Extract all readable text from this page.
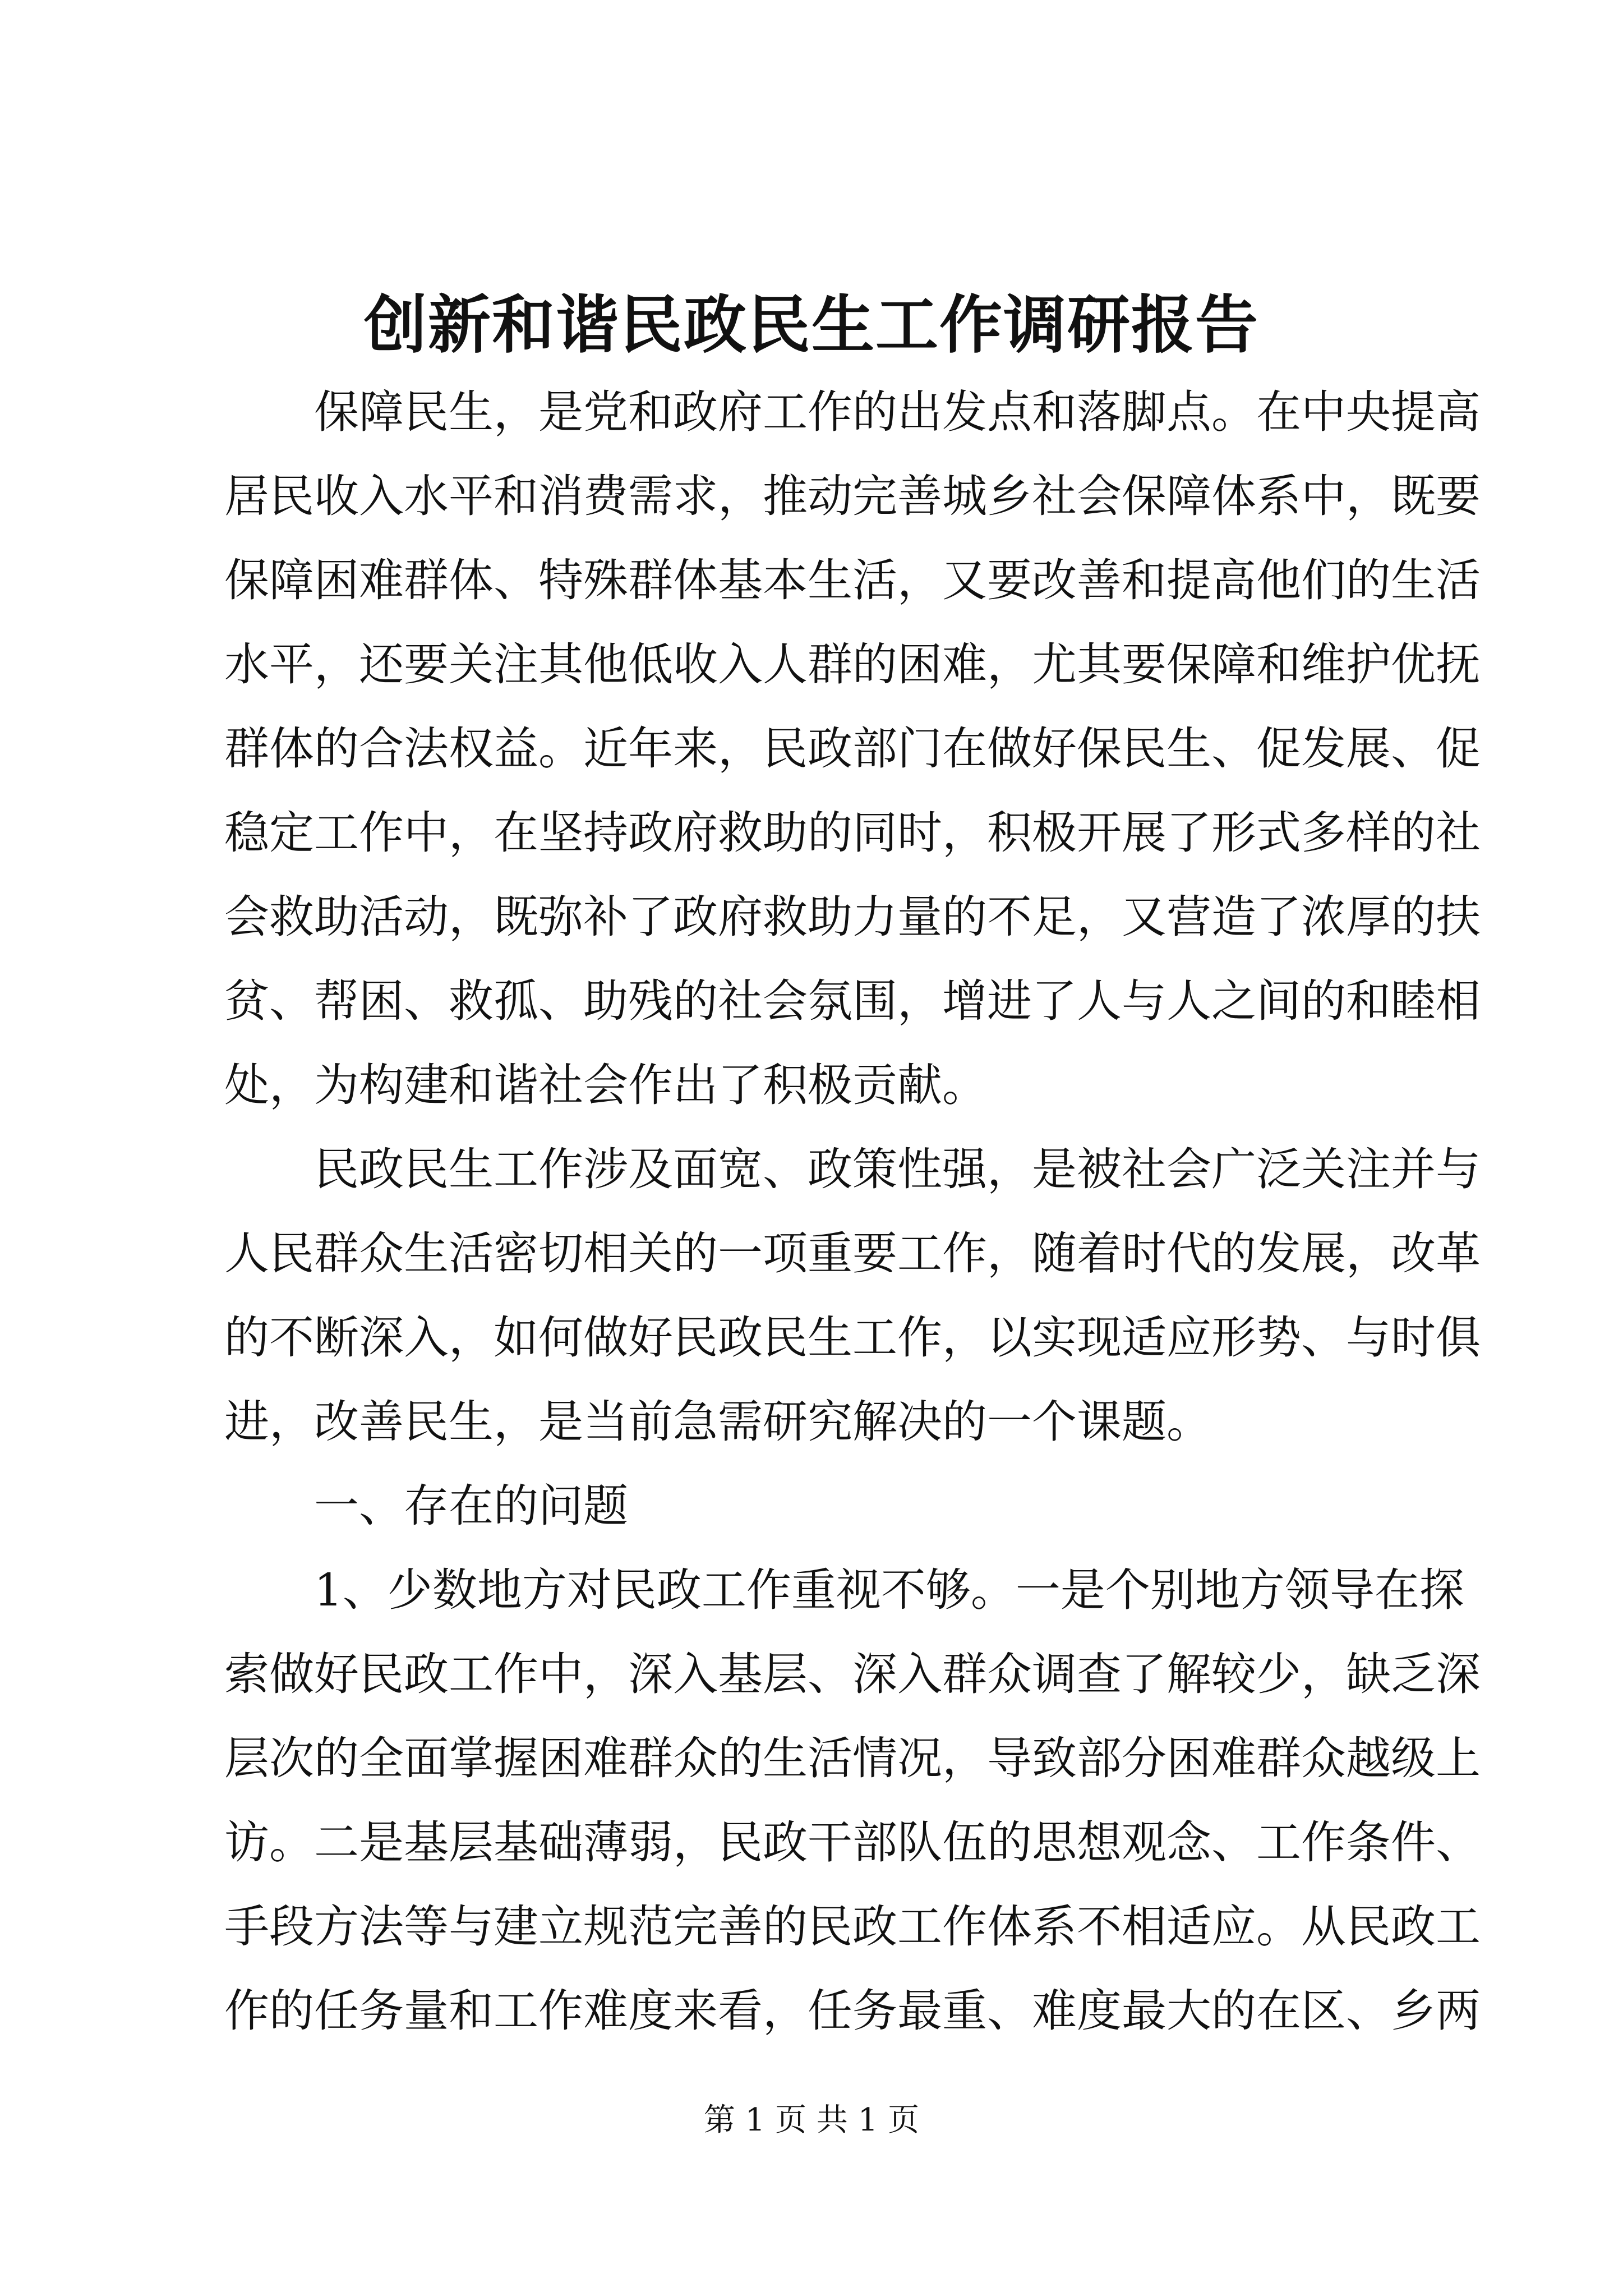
创新和谐民政民生工作调研报告
保障民生，是党和政府工作的出发点和落脚点。在中央提高
居民收入水平和消费需求，推动完善城乡社会保障体系中，既要
保障困难群体、特殊群体基本生活，又要改善和提高他们的生活
水平，还要关注其他低收入人群的困难，尤其要保障和维护优抚
群体的合法权益。近年来，民政部门在做好保民生、促发展、促
稳定工作中，在坚持政府救助的同时，积极开展了形式多样的社
会救助活动，既弥补了政府救助力量的不足，又营造了浓厚的扶
贫、帮困、救孤、助残的社会氛围，增进了人与人之间的和睦相
处，为构建和谐社会作出了积极贡献。
民政民生工作涉及面宽、政策性强，是被社会广泛关注并与
人民群众生活密切相关的一项重要工作，随着时代的发展，改革
的不断深入，如何做好民政民生工作，以实现适应形势、与时俱
进，改善民生，是当前急需研究解决的一个课题。
一、存在的问题
1、少数地方对民政工作重视不够。一是个别地方领导在探
索做好民政工作中，深入基层、深入群众调查了解较少，缺乏深
层次的全面掌握困难群众的生活情况，导致部分困难群众越级上
访。二是基层基础薄弱，民政干部队伍的思想观念、工作条件、
手段方法等与建立规范完善的民政工作体系不相适应。从民政工
作的任务量和工作难度来看，任务最重、难度最大的在区、乡两
第 1 页 共 1 页
